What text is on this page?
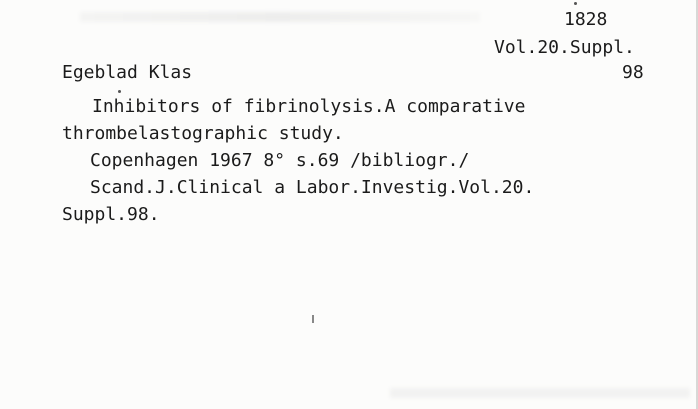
1828
Vol.20.Suppl.
Egeblad Klas	98
Inhibitors of fibrinolysis.A comparative
thrombelastographic study.
Copenhagen 1967 8° s.69 /bibliogr./
Scand.J.Clinical a Labor.Investig.Vol.20.
Suppl.98.
